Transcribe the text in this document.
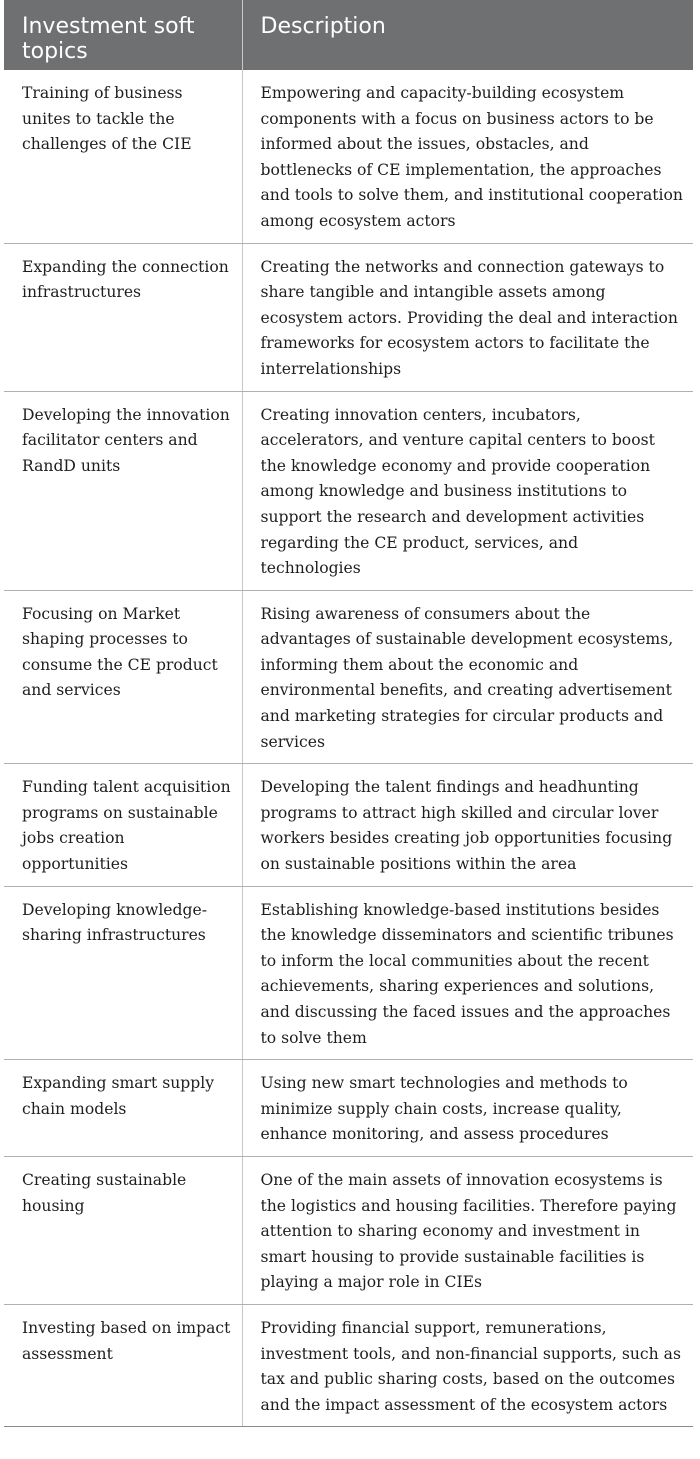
Investment soft topics	Description
Training of business unites to tackle the challenges of the CIE	Empowering and capacity-building ecosystem components with a focus on business actors to be informed about the issues, obstacles, and bottlenecks of CE implementation, the approaches and tools to solve them, and institutional cooperation among ecosystem actors
Expanding the connection infrastructures	Creating the networks and connection gateways to share tangible and intangible assets among ecosystem actors. Providing the deal and interaction frameworks for ecosystem actors to facilitate the interrelationships
Developing the innovation facilitator centers and RandD units	Creating innovation centers, incubators, accelerators, and venture capital centers to boost the knowledge economy and provide cooperation among knowledge and business institutions to support the research and development activities regarding the CE product, services, and technologies
Focusing on Market shaping processes to consume the CE product and services	Rising awareness of consumers about the advantages of sustainable development ecosystems, informing them about the economic and environmental benefits, and creating advertisement and marketing strategies for circular products and services
Funding talent acquisition programs on sustainable jobs creation opportunities	Developing the talent findings and headhunting programs to attract high skilled and circular lover workers besides creating job opportunities focusing on sustainable positions within the area
Developing knowledge-sharing infrastructures	Establishing knowledge-based institutions besides the knowledge disseminators and scientific tribunes to inform the local communities about the recent achievements, sharing experiences and solutions, and discussing the faced issues and the approaches to solve them
Expanding smart supply chain models	Using new smart technologies and methods to minimize supply chain costs, increase quality, enhance monitoring, and assess procedures
Creating sustainable housing	One of the main assets of innovation ecosystems is the logistics and housing facilities. Therefore paying attention to sharing economy and investment in smart housing to provide sustainable facilities is playing a major role in CIEs
Investing based on impact assessment	Providing financial support, remunerations, investment tools, and non-financial supports, such as tax and public sharing costs, based on the outcomes and the impact assessment of the ecosystem actors
